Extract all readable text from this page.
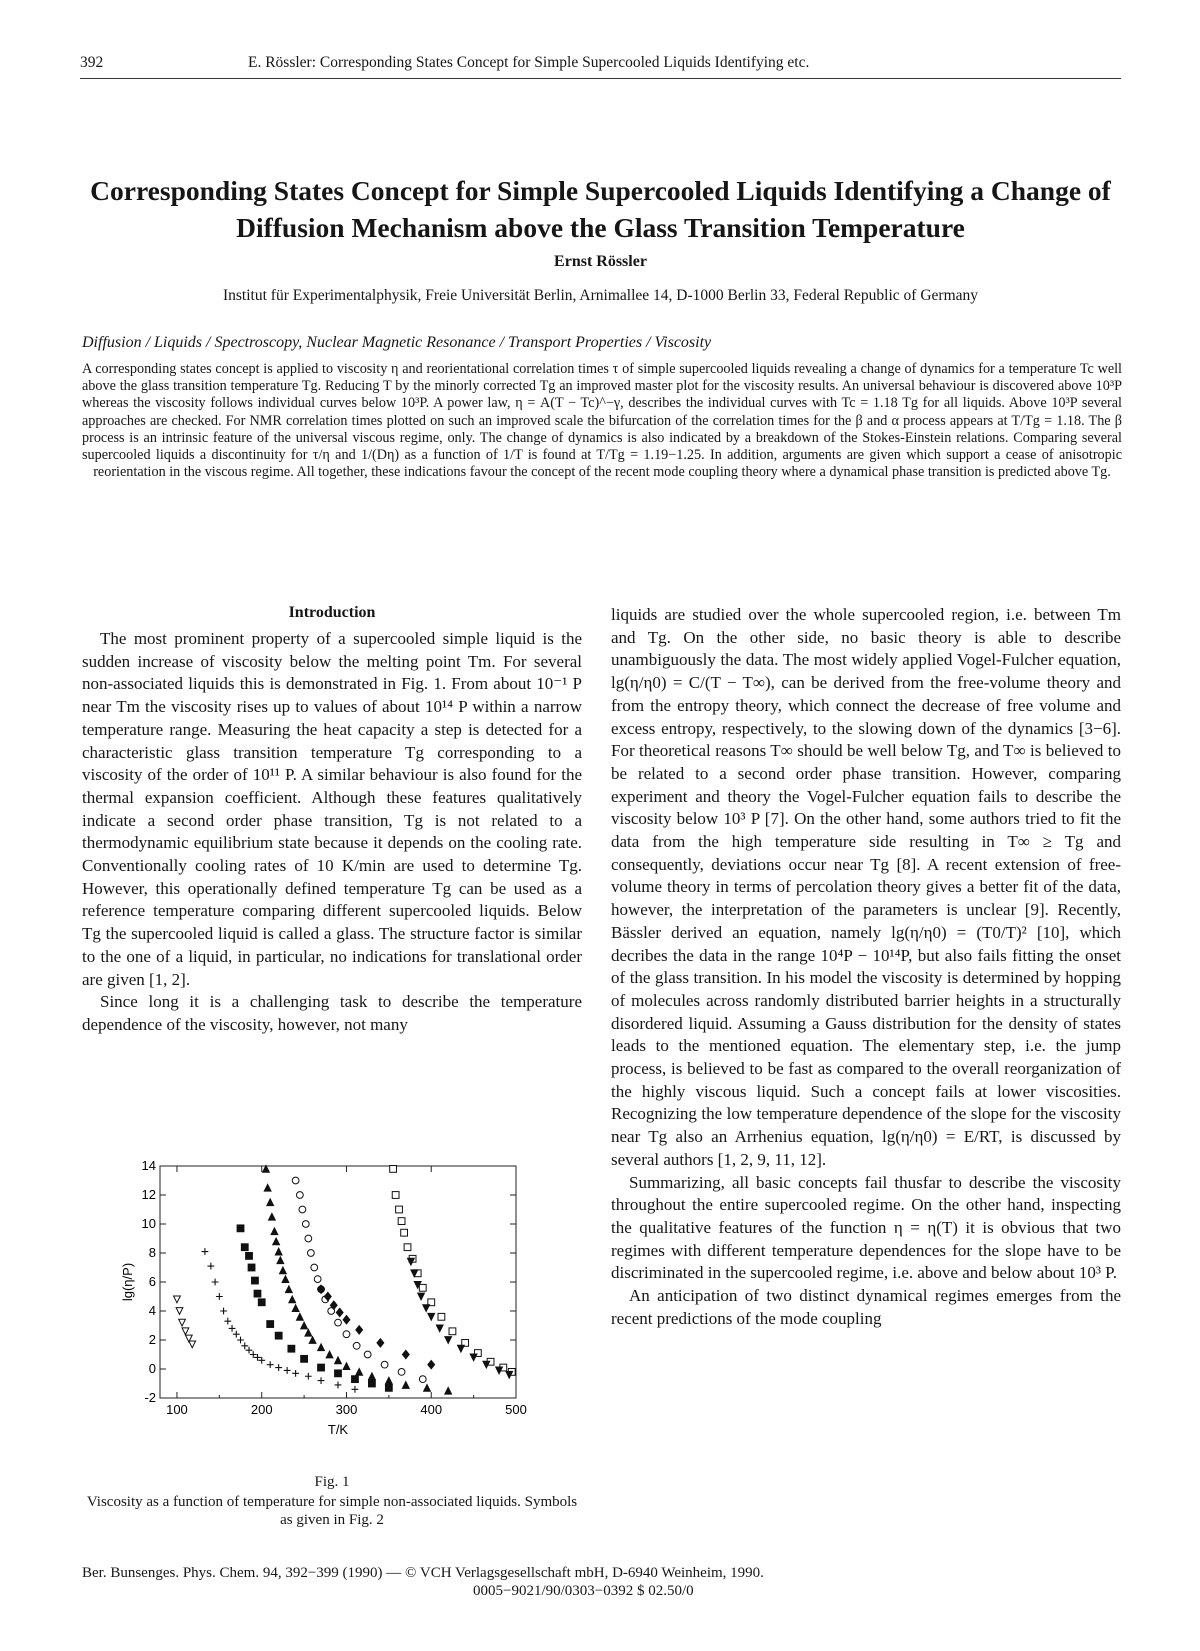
392	E. Rössler: Corresponding States Concept for Simple Supercooled Liquids Identifying etc.
Corresponding States Concept for Simple Supercooled Liquids Identifying a Change of Diffusion Mechanism above the Glass Transition Temperature
Ernst Rössler
Institut für Experimentalphysik, Freie Universität Berlin, Arnimallee 14, D-1000 Berlin 33, Federal Republic of Germany
Diffusion / Liquids / Spectroscopy, Nuclear Magnetic Resonance / Transport Properties / Viscosity
A corresponding states concept is applied to viscosity η and reorientational correlation times τ of simple supercooled liquids revealing a change of dynamics for a temperature Tc well above the glass transition temperature Tg. Reducing T by the minorly corrected Tg an improved master plot for the viscosity results. An universal behaviour is discovered above 10³P whereas the viscosity follows individual curves below 10³P. A power law, η = A(T − Tc)^−γ, describes the individual curves with Tc = 1.18 Tg for all liquids. Above 10³P several approaches are checked. For NMR correlation times plotted on such an improved scale the bifurcation of the correlation times for the β and α process appears at T/Tg = 1.18. The β process is an intrinsic feature of the universal viscous regime, only. The change of dynamics is also indicated by a breakdown of the Stokes-Einstein relations. Comparing several supercooled liquids a discontinuity for τ/η and 1/(Dη) as a function of 1/T is found at T/Tg = 1.19−1.25. In addition, arguments are given which support a cease of anisotropic reorientation in the viscous regime. All together, these indications favour the concept of the recent mode coupling theory where a dynamical phase transition is predicted above Tg.
Introduction

The most prominent property of a supercooled simple liquid is the sudden increase of viscosity below the melting point Tm. For several non-associated liquids this is demonstrated in Fig. 1. From about 10⁻¹ P near Tm the viscosity rises up to values of about 10¹⁴ P within a narrow temperature range. Measuring the heat capacity a step is detected for a characteristic glass transition temperature Tg corresponding to a viscosity of the order of 10¹¹ P. A similar behaviour is also found for the thermal expansion coefficient. Although these features qualitatively indicate a second order phase transition, Tg is not related to a thermodynamic equilibrium state because it depends on the cooling rate. Conventionally cooling rates of 10 K/min are used to determine Tg. However, this operationally defined temperature Tg can be used as a reference temperature comparing different supercooled liquids. Below Tg the supercooled liquid is called a glass. The structure factor is similar to the one of a liquid, in particular, no indications for translational order are given [1, 2].

Since long it is a challenging task to describe the temperature dependence of the viscosity, however, not many

liquids are studied over the whole supercooled region, i.e. between Tm and Tg. On the other side, no basic theory is able to describe unambiguously the data. The most widely applied Vogel-Fulcher equation, lg(η/η0) = C/(T − T∞), can be derived from the free-volume theory and from the entropy theory, which connect the decrease of free volume and excess entropy, respectively, to the slowing down of the dynamics [3−6]. For theoretical reasons T∞ should be well below Tg, and T∞ is believed to be related to a second order phase transition. However, comparing experiment and theory the Vogel-Fulcher equation fails to describe the viscosity below 10³ P [7]. On the other hand, some authors tried to fit the data from the high temperature side resulting in T∞ ≥ Tg and consequently, deviations occur near Tg [8]. A recent extension of free-volume theory in terms of percolation theory gives a better fit of the data, however, the interpretation of the parameters is unclear [9]. Recently, Bässler derived an equation, namely lg(η/η0) = (T0/T)² [10], which decribes the data in the range 10⁴P − 10¹⁴P, but also fails fitting the onset of the glass transition. In his model the viscosity is determined by hopping of molecules across randomly distributed barrier heights in a structurally disordered liquid. Assuming a Gauss distribution for the density of states leads to the mentioned equation. The elementary step, i.e. the jump process, is believed to be fast as compared to the overall reorganization of the highly viscous liquid. Such a concept fails at lower viscosities. Recognizing the low temperature dependence of the slope for the viscosity near Tg also an Arrhenius equation, lg(η/η0) = E/RT, is discussed by several authors [1, 2, 9, 11, 12].

Summarizing, all basic concepts fail thusfar to describe the viscosity throughout the entire supercooled regime. On the other hand, inspecting the qualitative features of the function η = η(T) it is obvious that two regimes with different temperature dependences for the slope have to be discriminated in the supercooled regime, i.e. above and below about 10³ P.

An anticipation of two distinct dynamical regimes emerges from the recent predictions of the mode coupling

100	200	300	400	500
-2
0
2
4
6
8
10
12
14
T/K
lg(η/P)
Fig. 1
Viscosity as a function of temperature for simple non-associated liquids. Symbols as given in Fig. 2
Ber. Bunsenges. Phys. Chem. 94, 392−399 (1990) — © VCH Verlagsgesellschaft mbH, D-6940 Weinheim, 1990.
0005−9021/90/0303−0392 $ 02.50/0
